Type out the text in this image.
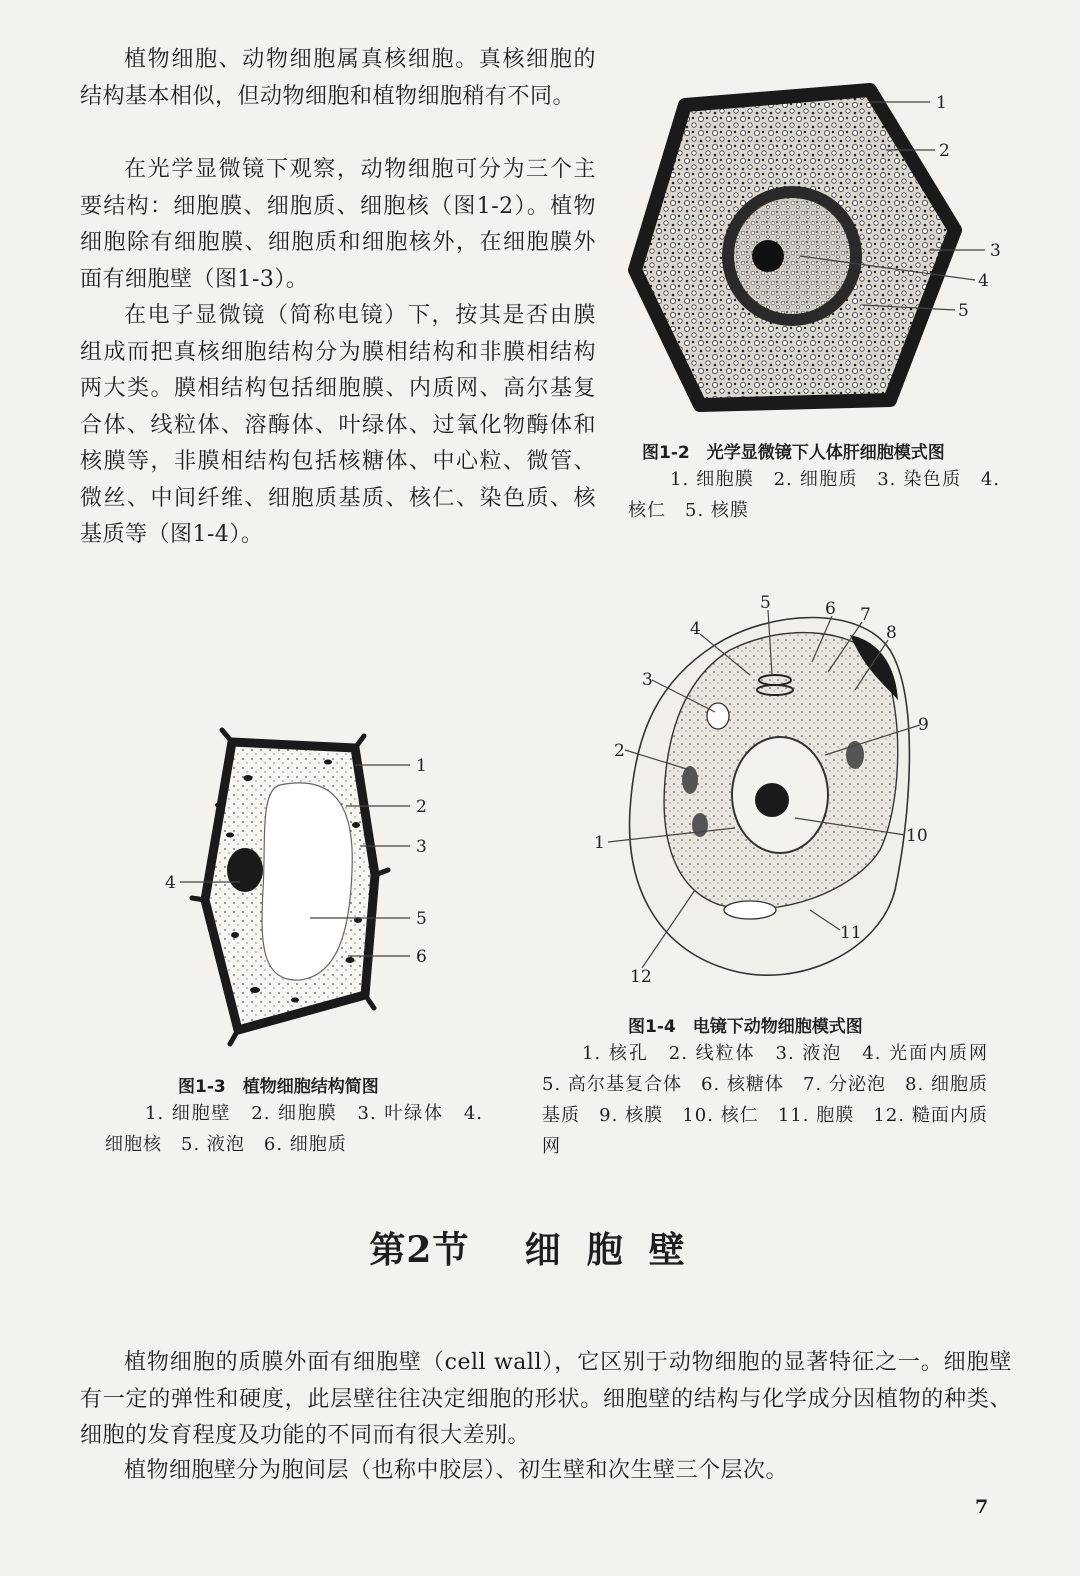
植物细胞、动物细胞属真核细胞。真核细胞的结构基本相似，但动物细胞和植物细胞稍有不同。

在光学显微镜下观察，动物细胞可分为三个主要结构：细胞膜、细胞质、细胞核（图1-2）。植物细胞除有细胞膜、细胞质和细胞核外，在细胞膜外面有细胞壁（图1-3）。

在电子显微镜（简称电镜）下，按其是否由膜组成而把真核细胞结构分为膜相结构和非膜相结构两大类。膜相结构包括细胞膜、内质网、高尔基复合体、线粒体、溶酶体、叶绿体、过氧化物酶体和核膜等，非膜相结构包括核糖体、中心粒、微管、微丝、中间纤维、细胞质基质、核仁、染色质、核基质等（图1-4）。

1
2
3
4
5

图1-2　光学显微镜下人体肝细胞模式图

1. 细胞膜　2. 细胞质　3. 染色质　4. 核仁　5. 核膜

1
2
3
4
5
6

图1-3　植物细胞结构简图

1. 细胞壁　2. 细胞膜　3. 叶绿体　4. 细胞核　5. 液泡　6. 细胞质

1
2
3
4
5	6 7
8
9
10
11
12

图1-4　电镜下动物细胞模式图

1. 核孔　2. 线粒体　3. 液泡　4. 光面内质网　5. 高尔基复合体　6. 核糖体　7. 分泌泡　8. 细胞质基质　9. 核膜　10. 核仁　11. 胞膜　12. 糙面内质网

第2节 细胞壁

植物细胞的质膜外面有细胞壁（cell wall），它区别于动物细胞的显著特征之一。细胞壁有一定的弹性和硬度，此层壁往往决定细胞的形状。细胞壁的结构与化学成分因植物的种类、细胞的发育程度及功能的不同而有很大差别。

植物细胞壁分为胞间层（也称中胶层）、初生壁和次生壁三个层次。

7
